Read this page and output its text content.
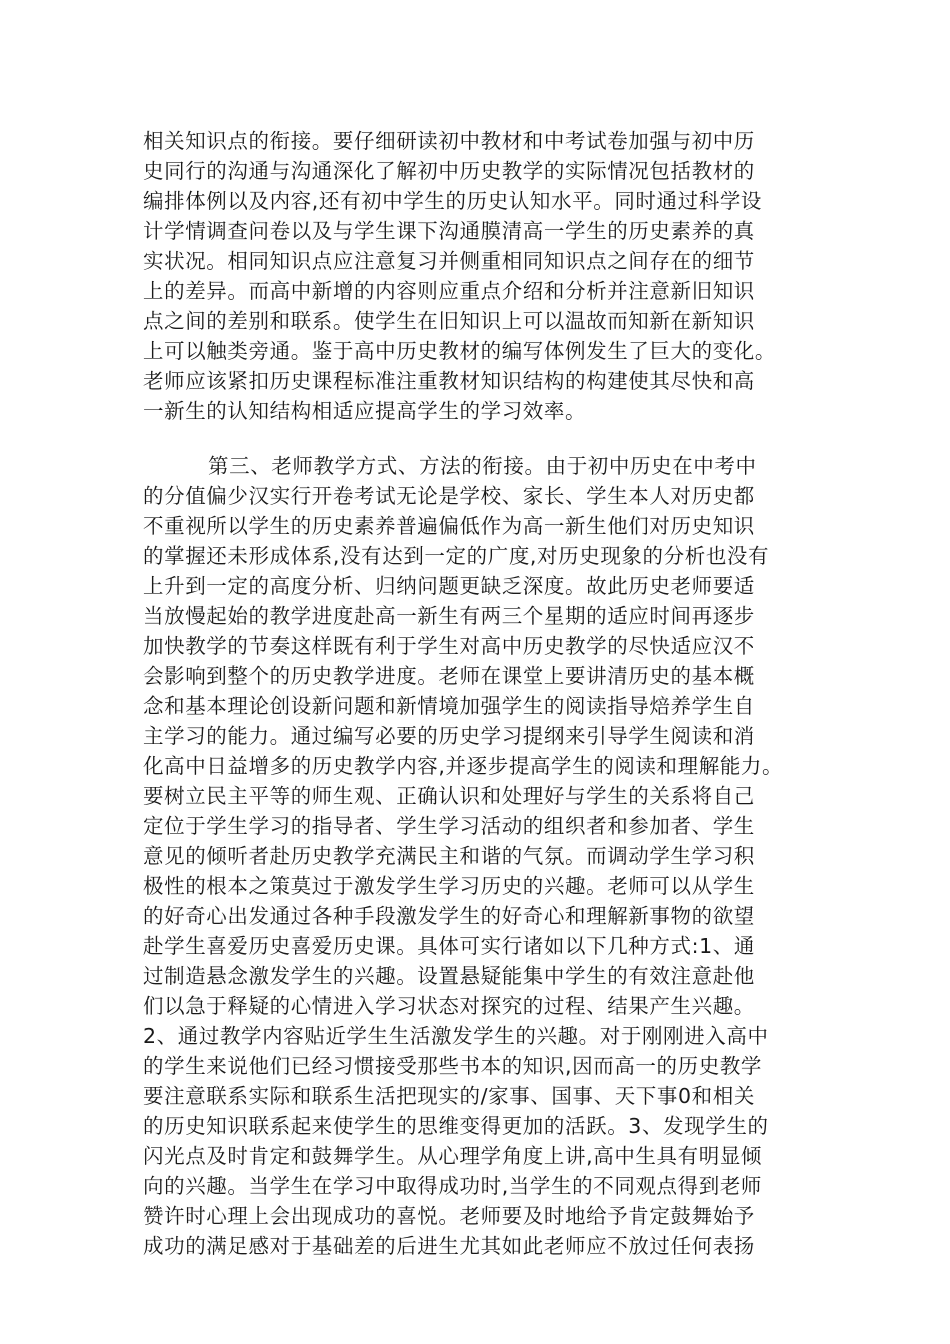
相关知识点的衔接。要仔细研读初中教材和中考试卷加强与初中历
史同行的沟通与沟通深化了解初中历史教学的实际情况包括教材的
编排体例以及内容,还有初中学生的历史认知水平。同时通过科学设
计学情调查问卷以及与学生课下沟通膜清高一学生的历史素养的真
实状况。相同知识点应注意复习并侧重相同知识点之间存在的细节
上的差异。而高中新增的内容则应重点介绍和分析并注意新旧知识
点之间的差别和联系。使学生在旧知识上可以温故而知新在新知识
上可以触类旁通。鉴于高中历史教材的编写体例发生了巨大的变化。
老师应该紧扣历史课程标准注重教材知识结构的构建使其尽快和高
一新生的认知结构相适应提高学生的学习效率。
第三、老师教学方式、方法的衔接。由于初中历史在中考中
的分值偏少汉实行开卷考试无论是学校、家长、学生本人对历史都
不重视所以学生的历史素养普遍偏低作为高一新生他们对历史知识
的掌握还未形成体系,没有达到一定的广度,对历史现象的分析也没有
上升到一定的高度分析、归纳问题更缺乏深度。故此历史老师要适
当放慢起始的教学进度赴高一新生有两三个星期的适应时间再逐步
加快教学的节奏这样既有利于学生对高中历史教学的尽快适应汉不
会影响到整个的历史教学进度。老师在课堂上要讲清历史的基本概
念和基本理论创设新问题和新情境加强学生的阅读指导焙养学生自
主学习的能力。通过编写必要的历史学习提纲来引导学生阅读和消
化高中日益增多的历史教学内容,并逐步提高学生的阅读和理解能力。
要树立民主平等的师生观、正确认识和处理好与学生的关系将自己
定位于学生学习的指导者、学生学习活动的组织者和参加者、学生
意见的倾听者赴历史教学充满民主和谐的气氛。而调动学生学习积
极性的根本之策莫过于激发学生学习历史的兴趣。老师可以从学生
的好奇心出发通过各种手段激发学生的好奇心和理解新事物的欲望
赴学生喜爱历史喜爱历史课。具体可实行诸如以下几种方式:1、通
过制造悬念激发学生的兴趣。设置悬疑能集中学生的有效注意赴他
们以急于释疑的心情进入学习状态对探究的过程、结果产生兴趣。
2、通过教学内容贴近学生生活激发学生的兴趣。对于刚刚进入高中
的学生来说他们已经习惯接受那些书本的知识,因而高一的历史教学
要注意联系实际和联系生活把现实的/家事、国事、天下事0和相关
的历史知识联系起来使学生的思维变得更加的活跃。3、发现学生的
闪光点及时肯定和鼓舞学生。从心理学角度上讲,高中生具有明显倾
向的兴趣。当学生在学习中取得成功时,当学生的不同观点得到老师
赞许时心理上会出现成功的喜悦。老师要及时地给予肯定鼓舞始予
成功的满足感对于基础差的后进生尤其如此老师应不放过任何表扬
